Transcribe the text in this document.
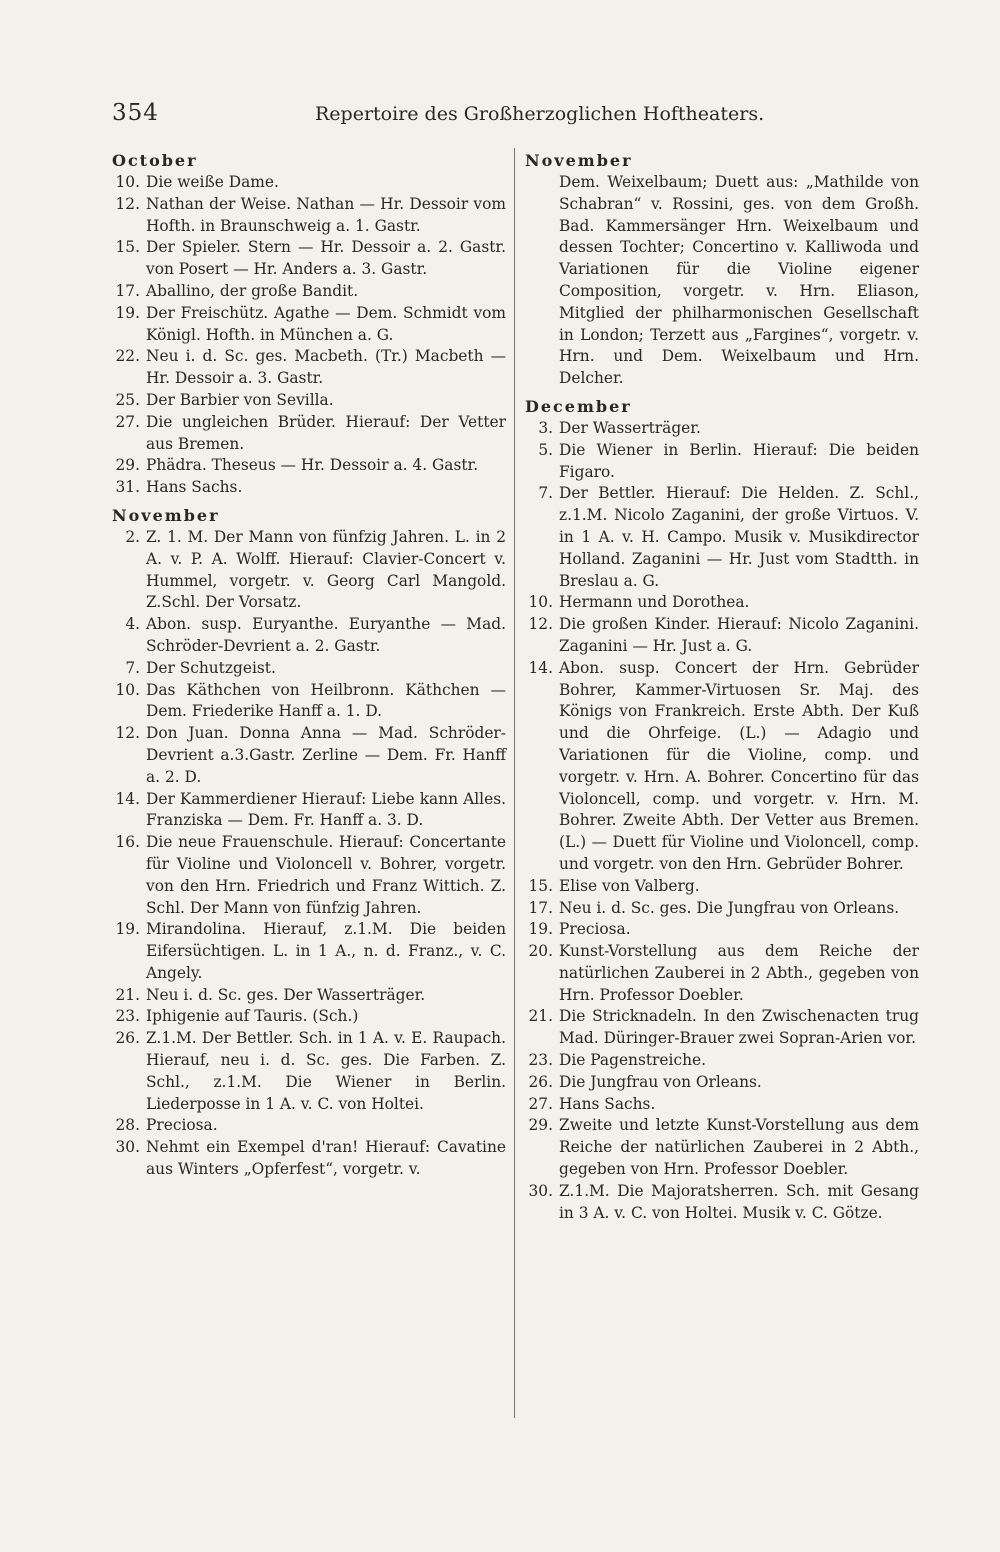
354	Repertoire des Großherzoglichen Hoftheaters.

October

10. Die weiße Dame.

12. Nathan der Weise. Nathan — Hr. Dessoir vom Hofth. in Braunschweig a. 1. Gastr.

15. Der Spieler. Stern — Hr. Dessoir a. 2. Gastr. von Posert — Hr. Anders a. 3. Gastr.

17. Aballino, der große Bandit.

19. Der Freischütz. Agathe — Dem. Schmidt vom Königl. Hofth. in München a. G.

22. Neu i. d. Sc. ges. Macbeth. (Tr.) Macbeth — Hr. Dessoir a. 3. Gastr.

25. Der Barbier von Sevilla.

27. Die ungleichen Brüder. Hierauf: Der Vetter aus Bremen.

29. Phädra. Theseus — Hr. Dessoir a. 4. Gastr.

31. Hans Sachs.

November

2. Z. 1. M. Der Mann von fünfzig Jahren. L. in 2 A. v. P. A. Wolff. Hierauf: Clavier-Concert v. Hummel, vorgetr. v. Georg Carl Mangold. Z.Schl. Der Vorsatz.

4. Abon. susp. Euryanthe. Euryanthe — Mad. Schröder-Devrient a. 2. Gastr.

7. Der Schutzgeist.

10. Das Käthchen von Heilbronn. Käthchen — Dem. Friederike Hanff a. 1. D.

12. Don Juan. Donna Anna — Mad. Schröder-Devrient a.3.Gastr. Zerline — Dem. Fr. Hanff a. 2. D.

14. Der Kammerdiener Hierauf: Liebe kann Alles. Franziska — Dem. Fr. Hanff a. 3. D.

16. Die neue Frauenschule. Hierauf: Concertante für Violine und Violoncell v. Bohrer, vorgetr. von den Hrn. Friedrich und Franz Wittich. Z. Schl. Der Mann von fünfzig Jahren.

19. Mirandolina. Hierauf, z.1.M. Die beiden Eifersüchtigen. L. in 1 A., n. d. Franz., v. C. Angely.

21. Neu i. d. Sc. ges. Der Wasserträger.

23. Iphigenie auf Tauris. (Sch.)

26. Z.1.M. Der Bettler. Sch. in 1 A. v. E. Raupach. Hierauf, neu i. d. Sc. ges. Die Farben. Z. Schl., z.1.M. Die Wiener in Berlin. Liederposse in 1 A. v. C. von Holtei.

28. Preciosa.

30. Nehmt ein Exempel d'ran! Hierauf: Cavatine aus Winters „Opferfest“, vorgetr. v.

November

Dem. Weixelbaum; Duett aus: „Mathilde von Schabran“ v. Rossini, ges. von dem Großh. Bad. Kammersänger Hrn. Weixelbaum und dessen Tochter; Concertino v. Kalliwoda und Variationen für die Violine eigener Composition, vorgetr. v. Hrn. Eliason, Mitglied der philharmonischen Gesellschaft in London; Terzett aus „Fargines“, vorgetr. v. Hrn. und Dem. Weixelbaum und Hrn. Delcher.

December

3. Der Wasserträger.

5. Die Wiener in Berlin. Hierauf: Die beiden Figaro.

7. Der Bettler. Hierauf: Die Helden. Z. Schl., z.1.M. Nicolo Zaganini, der große Virtuos. V. in 1 A. v. H. Campo. Musik v. Musikdirector Holland. Zaganini — Hr. Just vom Stadtth. in Breslau a. G.

10. Hermann und Dorothea.

12. Die großen Kinder. Hierauf: Nicolo Zaganini. Zaganini — Hr. Just a. G.

14. Abon. susp. Concert der Hrn. Gebrüder Bohrer, Kammer-Virtuosen Sr. Maj. des Königs von Frankreich. Erste Abth. Der Kuß und die Ohrfeige. (L.) — Adagio und Variationen für die Violine, comp. und vorgetr. v. Hrn. A. Bohrer. Concertino für das Violoncell, comp. und vorgetr. v. Hrn. M. Bohrer. Zweite Abth. Der Vetter aus Bremen. (L.) — Duett für Violine und Violoncell, comp. und vorgetr. von den Hrn. Gebrüder Bohrer.

15. Elise von Valberg.

17. Neu i. d. Sc. ges. Die Jungfrau von Orleans.

19. Preciosa.

20. Kunst-Vorstellung aus dem Reiche der natürlichen Zauberei in 2 Abth., gegeben von Hrn. Professor Doebler.

21. Die Stricknadeln. In den Zwischenacten trug Mad. Düringer-Brauer zwei Sopran-Arien vor.

23. Die Pagenstreiche.

26. Die Jungfrau von Orleans.

27. Hans Sachs.

29. Zweite und letzte Kunst-Vorstellung aus dem Reiche der natürlichen Zauberei in 2 Abth., gegeben von Hrn. Professor Doebler.

30. Z.1.M. Die Majoratsherren. Sch. mit Gesang in 3 A. v. C. von Holtei. Musik v. C. Götze.
